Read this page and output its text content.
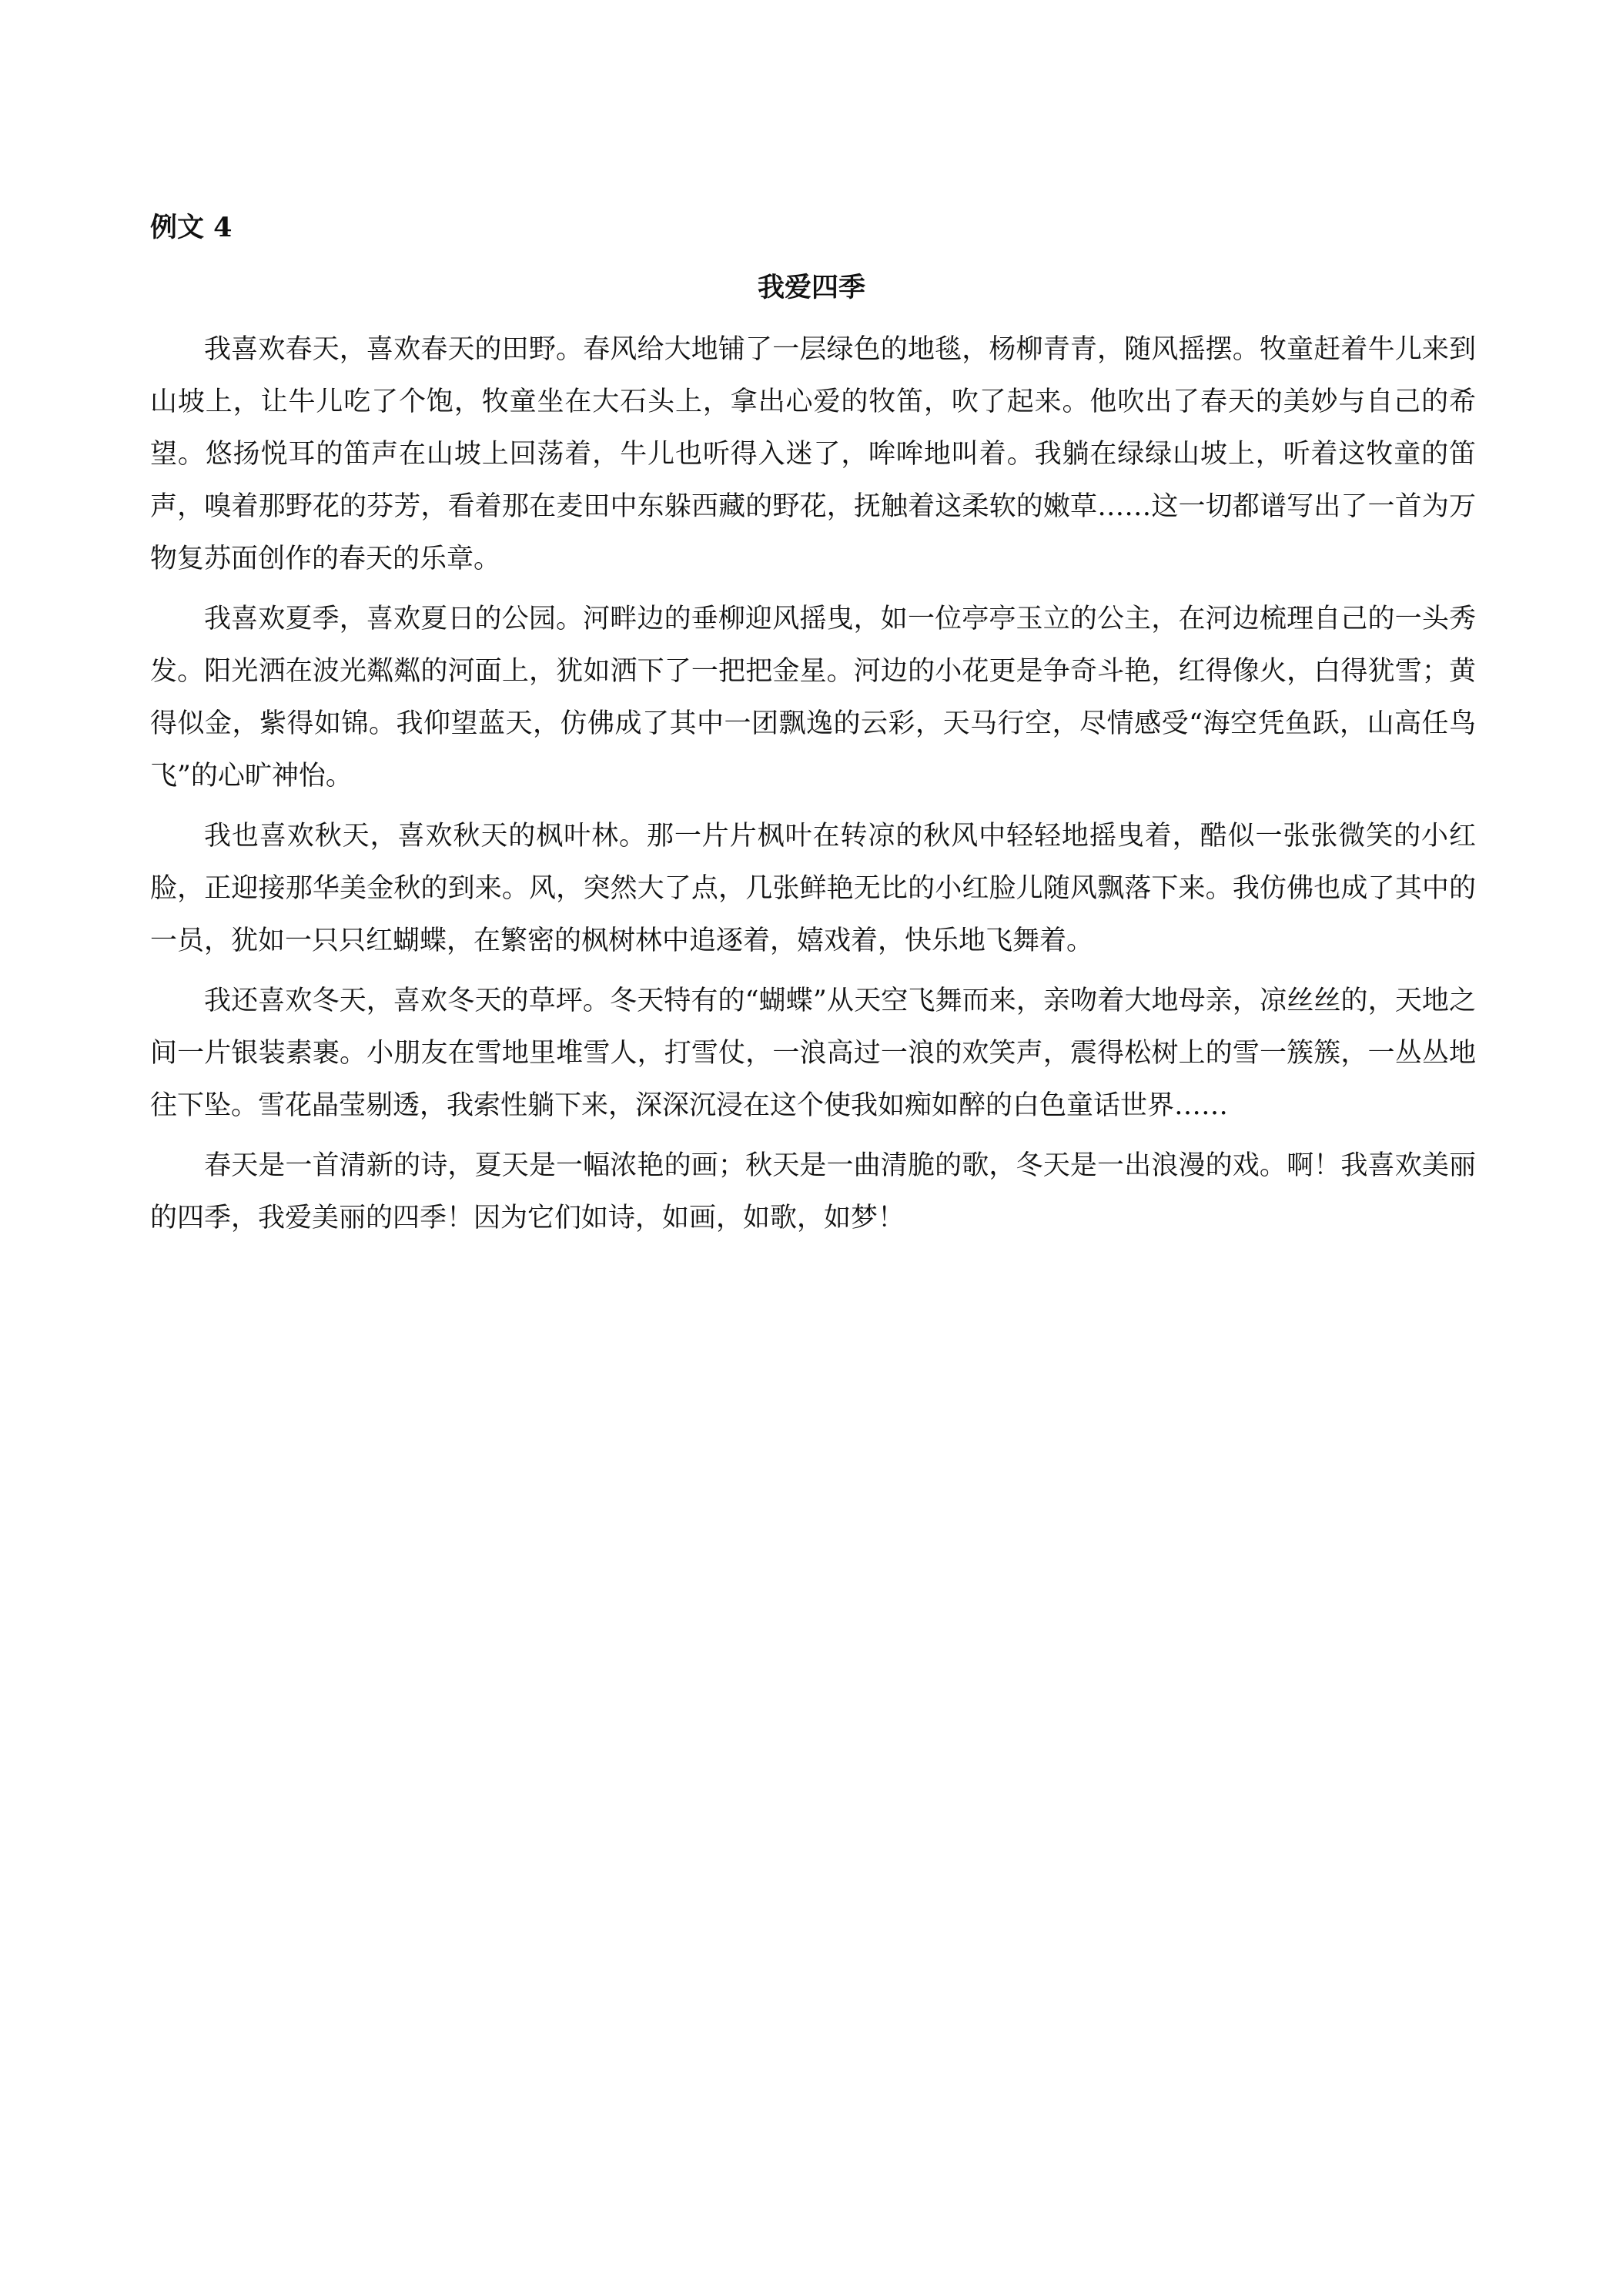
例文 4
我爱四季

我喜欢春天，喜欢春天的田野。春风给大地铺了一层绿色的地毯，杨柳青青，随风摇摆。牧童赶着牛儿来到山坡上，让牛儿吃了个饱，牧童坐在大石头上，拿出心爱的牧笛，吹了起来。他吹出了春天的美妙与自己的希望。悠扬悦耳的笛声在山坡上回荡着，牛儿也听得入迷了，哞哞地叫着。我躺在绿绿山坡上，听着这牧童的笛声，嗅着那野花的芬芳，看着那在麦田中东躲西藏的野花，抚触着这柔软的嫩草……这一切都谱写出了一首为万物复苏面创作的春天的乐章。

我喜欢夏季，喜欢夏日的公园。河畔边的垂柳迎风摇曳，如一位亭亭玉立的公主，在河边梳理自己的一头秀发。阳光洒在波光粼粼的河面上，犹如洒下了一把把金星。河边的小花更是争奇斗艳，红得像火，白得犹雪；黄得似金，紫得如锦。我仰望蓝天，仿佛成了其中一团飘逸的云彩，天马行空，尽情感受“海空凭鱼跃，山高任鸟飞”的心旷神怡。

我也喜欢秋天，喜欢秋天的枫叶林。那一片片枫叶在转凉的秋风中轻轻地摇曳着，酷似一张张微笑的小红脸，正迎接那华美金秋的到来。风，突然大了点，几张鲜艳无比的小红脸儿随风飘落下来。我仿佛也成了其中的一员，犹如一只只红蝴蝶，在繁密的枫树林中追逐着，嬉戏着，快乐地飞舞着。

我还喜欢冬天，喜欢冬天的草坪。冬天特有的“蝴蝶”从天空飞舞而来，亲吻着大地母亲，凉丝丝的，天地之间一片银装素裹。小朋友在雪地里堆雪人，打雪仗，一浪高过一浪的欢笑声，震得松树上的雪一簇簇，一丛丛地往下坠。雪花晶莹剔透，我索性躺下来，深深沉浸在这个使我如痴如醉的白色童话世界……

春天是一首清新的诗，夏天是一幅浓艳的画；秋天是一曲清脆的歌，冬天是一出浪漫的戏。啊！我喜欢美丽的四季，我爱美丽的四季！因为它们如诗，如画，如歌，如梦！
